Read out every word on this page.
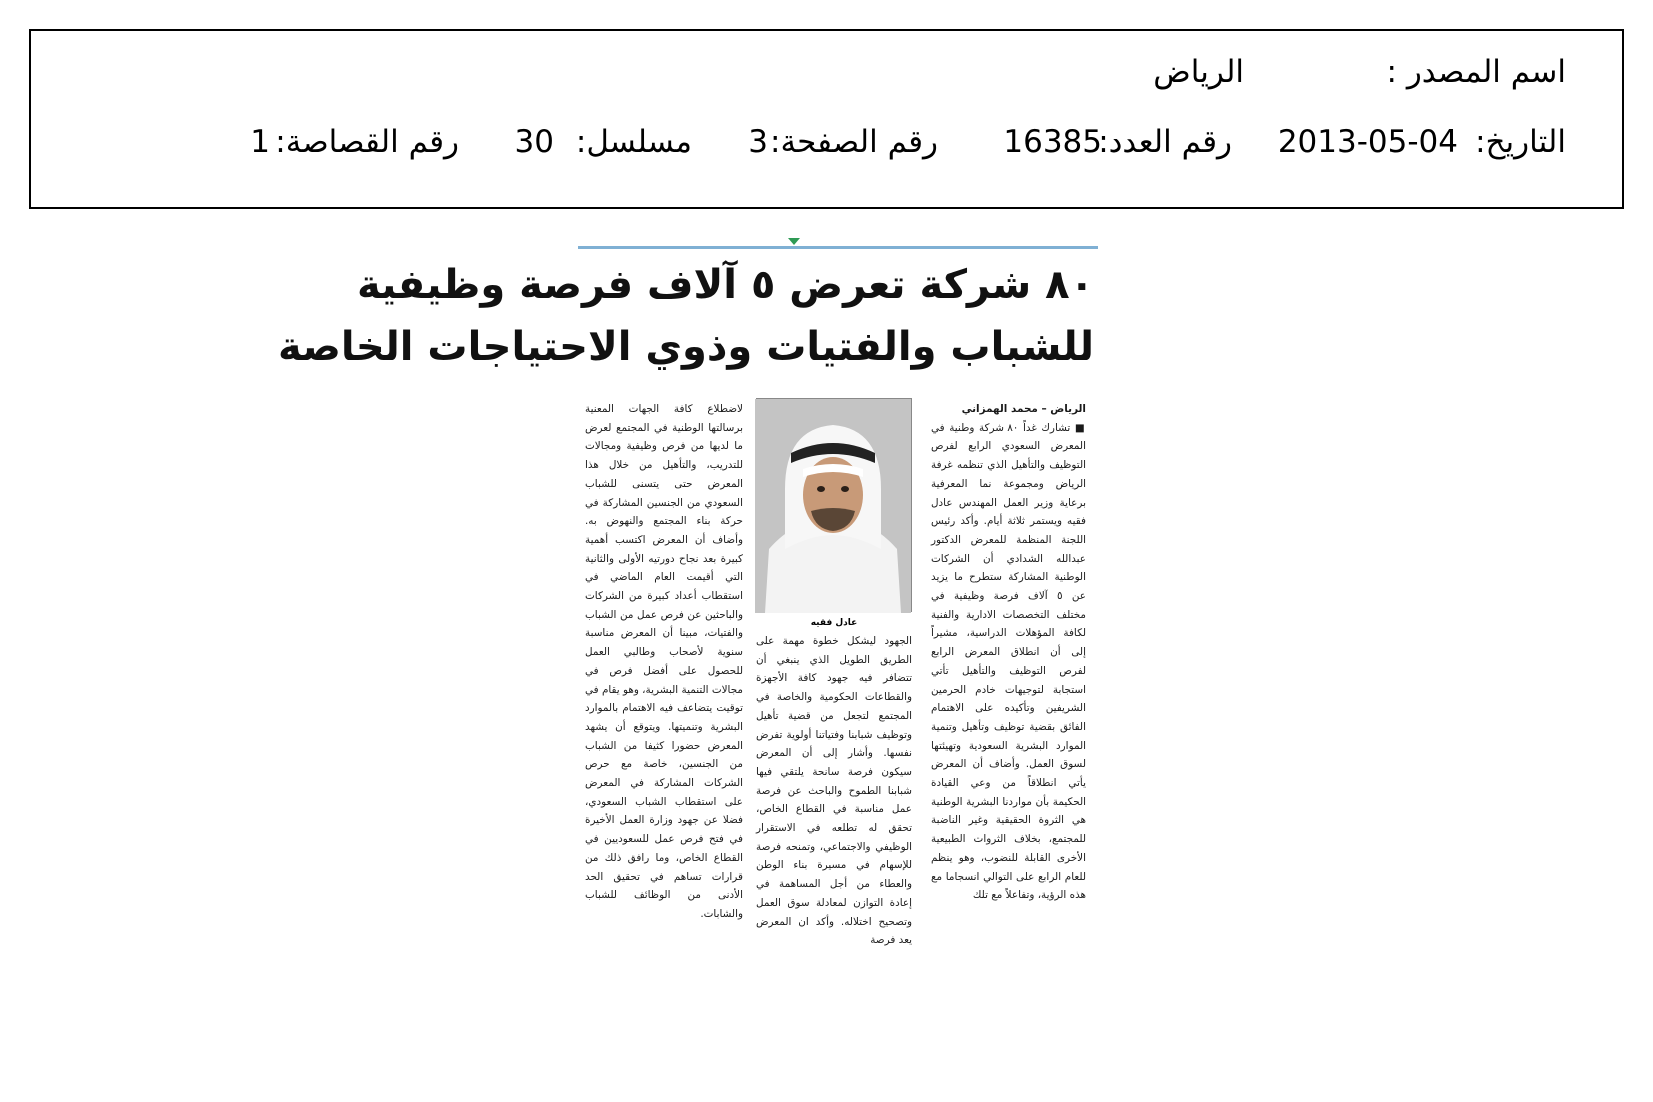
اسم المصدر :
الرياض
التاريخ:
2013-05-04
رقم العدد:
16385
رقم الصفحة:
3
مسلسل:
30
رقم القصاصة:
1
٨٠ شركة تعرض ٥ آلاف فرصة وظيفية
للشباب والفتيات وذوي الاحتياجات الخاصة

الرياض – محمد الهمزاني

■ تشارك غداً ٨٠ شركة وطنية في المعرض السعودي الرابع لفرص التوظيف والتأهيل الذي تنظمه غرفة الرياض ومجموعة نما المعرفية برعاية وزير العمل المهندس عادل فقيه ويستمر ثلاثة أيام. وأكد رئيس اللجنة المنظمة للمعرض الدكتور عبدالله الشدادي أن الشركات الوطنية المشاركة ستطرح ما يزيد عن ٥ آلاف فرصة وظيفية في مختلف التخصصات الادارية والفنية لكافة المؤهلات الدراسية، مشيراً إلى أن انطلاق المعرض الرابع لفرص التوظيف والتأهيل تأتي استجابة لتوجيهات خادم الحرمين الشريفين وتأكيده على الاهتمام الفائق بقضية توظيف وتأهيل وتنمية الموارد البشرية السعودية وتهيئتها لسوق العمل. وأضاف أن المعرض يأتي انطلاقاً من وعي القيادة الحكيمة بأن مواردنا البشرية الوطنية هي الثروة الحقيقية وغير الناضبة للمجتمع، بخلاف الثروات الطبيعية الأخرى القابلة للنضوب، وهو ينظم للعام الرابع على التوالي انسجاما مع هذه الرؤية، وتفاعلاً مع تلك

عادل فقيه

الجهود ليشكل خطوة مهمة على الطريق الطويل الذي ينبغي أن تتضافر فيه جهود كافة الأجهزة والقطاعات الحكومية والخاصة في المجتمع لتجعل من قضية تأهيل وتوظيف شبابنا وفتياتنا أولوية تفرض نفسها. وأشار إلى أن المعرض سيكون فرصة سانحة يلتقي فيها شبابنا الطموح والباحث عن فرصة عمل مناسبة في القطاع الخاص، تحقق له تطلعه في الاستقرار الوظيفي والاجتماعي، وتمنحه فرصة للإسهام في مسيرة بناء الوطن والعطاء من أجل المساهمة في إعادة التوازن لمعادلة سوق العمل وتصحيح اختلاله. وأكد ان المعرض يعد فرصة

لاضطلاع كافة الجهات المعنية برسالتها الوطنية في المجتمع لعرض ما لديها من فرص وظيفية ومجالات للتدريب، والتأهيل من خلال هذا المعرض حتى يتسنى للشباب السعودي من الجنسين المشاركة في حركة بناء المجتمع والنهوض به. وأضاف أن المعرض اكتسب أهمية كبيرة بعد نجاح دورتيه الأولى والثانية التي أقيمت العام الماضي في استقطاب أعداد كبيرة من الشركات والباحثين عن فرص عمل من الشباب والفتيات، مبينا أن المعرض مناسبة سنوية لأصحاب وطالبي العمل للحصول على أفضل فرص في مجالات التنمية البشرية، وهو يقام في توقيت يتضاعف فيه الاهتمام بالموارد البشرية وتنميتها. ويتوقع أن يشهد المعرض حضورا كثيفا من الشباب من الجنسين، خاصة مع حرص الشركات المشاركة في المعرض على استقطاب الشباب السعودي، فضلا عن جهود وزارة العمل الأخيرة في فتح فرص عمل للسعوديين في القطاع الخاص، وما رافق ذلك من قرارات تساهم في تحقيق الحد الأدنى من الوظائف للشباب والشابات.
